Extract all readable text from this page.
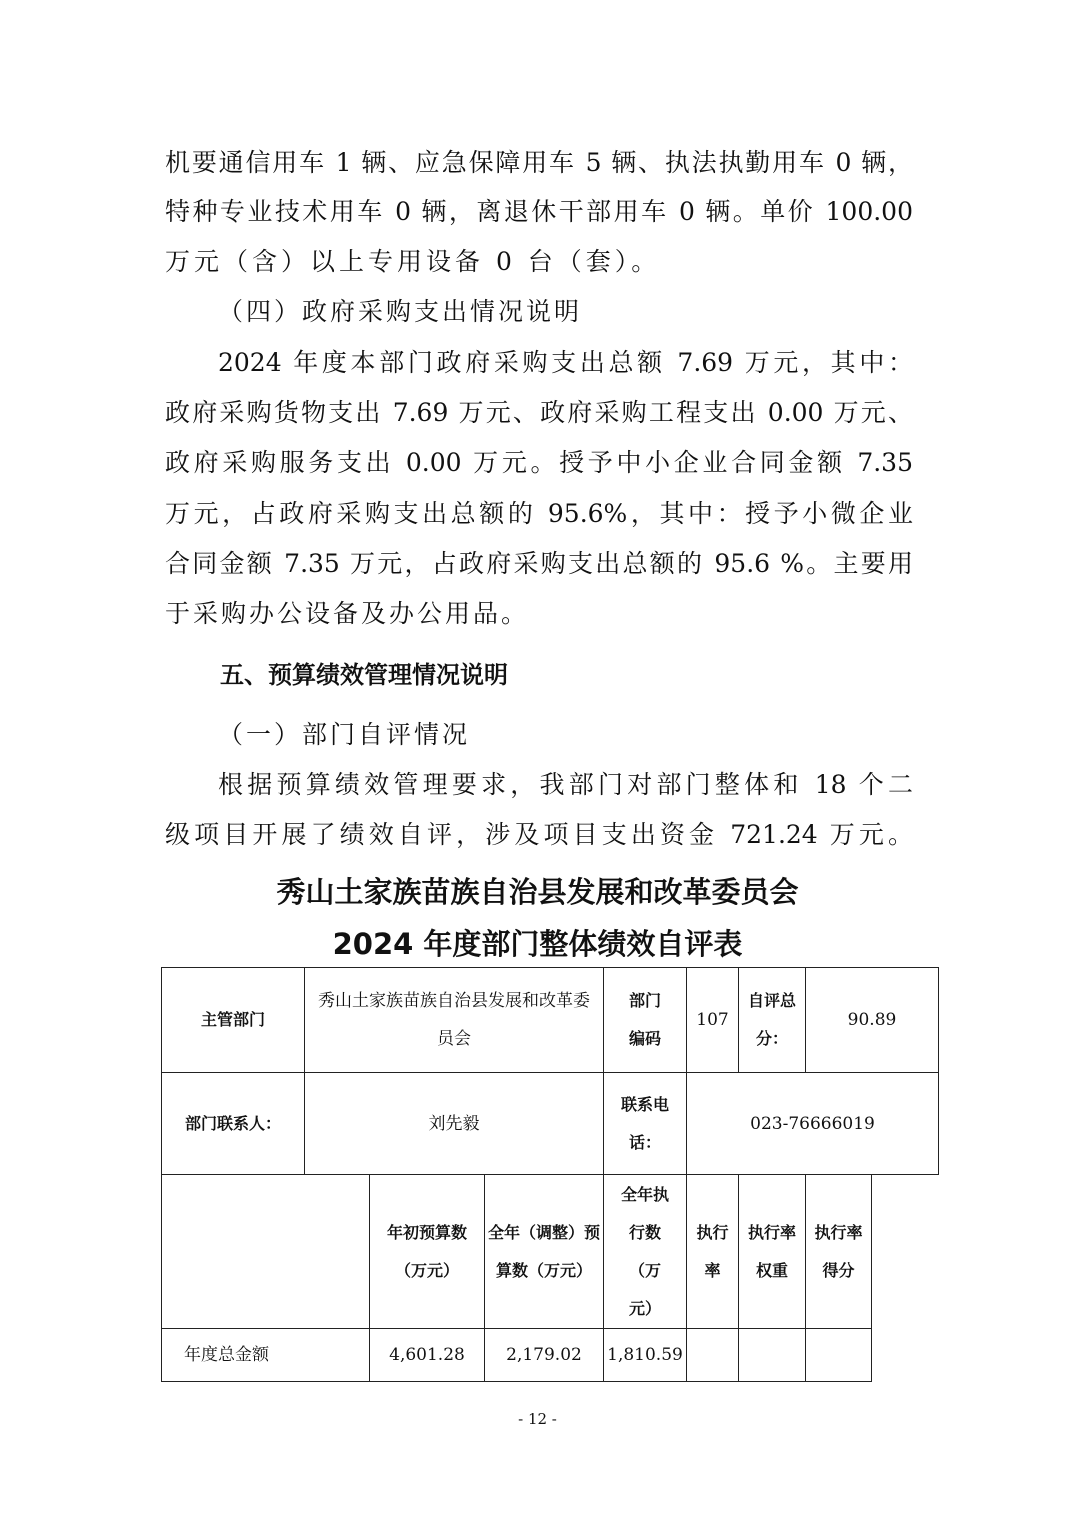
机要通信用车 1 辆、应急保障用车 5 辆、执法执勤用车 0 辆，
特种专业技术用车 0 辆，离退休干部用车 0 辆。单价 100.00
万元（含）以上专用设备 0 台（套）。
（四）政府采购支出情况说明
2024 年度本部门政府采购支出总额 7.69 万元，其中：
政府采购货物支出 7.69 万元、政府采购工程支出 0.00 万元、
政府采购服务支出 0.00 万元。授予中小企业合同金额 7.35
万元，占政府采购支出总额的 95.6%，其中：授予小微企业
合同金额 7.35 万元，占政府采购支出总额的 95.6 %。主要用
于采购办公设备及办公用品。
五、预算绩效管理情况说明
（一）部门自评情况
根据预算绩效管理要求，我部门对部门整体和 18 个二
级项目开展了绩效自评，涉及项目支出资金 721.24 万元。
秀山土家族苗族自治县发展和改革委员会
2024 年度部门整体绩效自评表
主管部门	秀山土家族苗族自治县发展和改革委员会			部门编码	107	自评总分：	90.89
部门联系人：	刘先毅			联系电话：	023-76666019		
		年初预算数（万元）	全年（调整）预算数（万元）	全年执行数（万元）	执行率	执行率权重	执行率得分
年度总金额		4,601.28	2,179.02	1,810.59			
- 12 -
